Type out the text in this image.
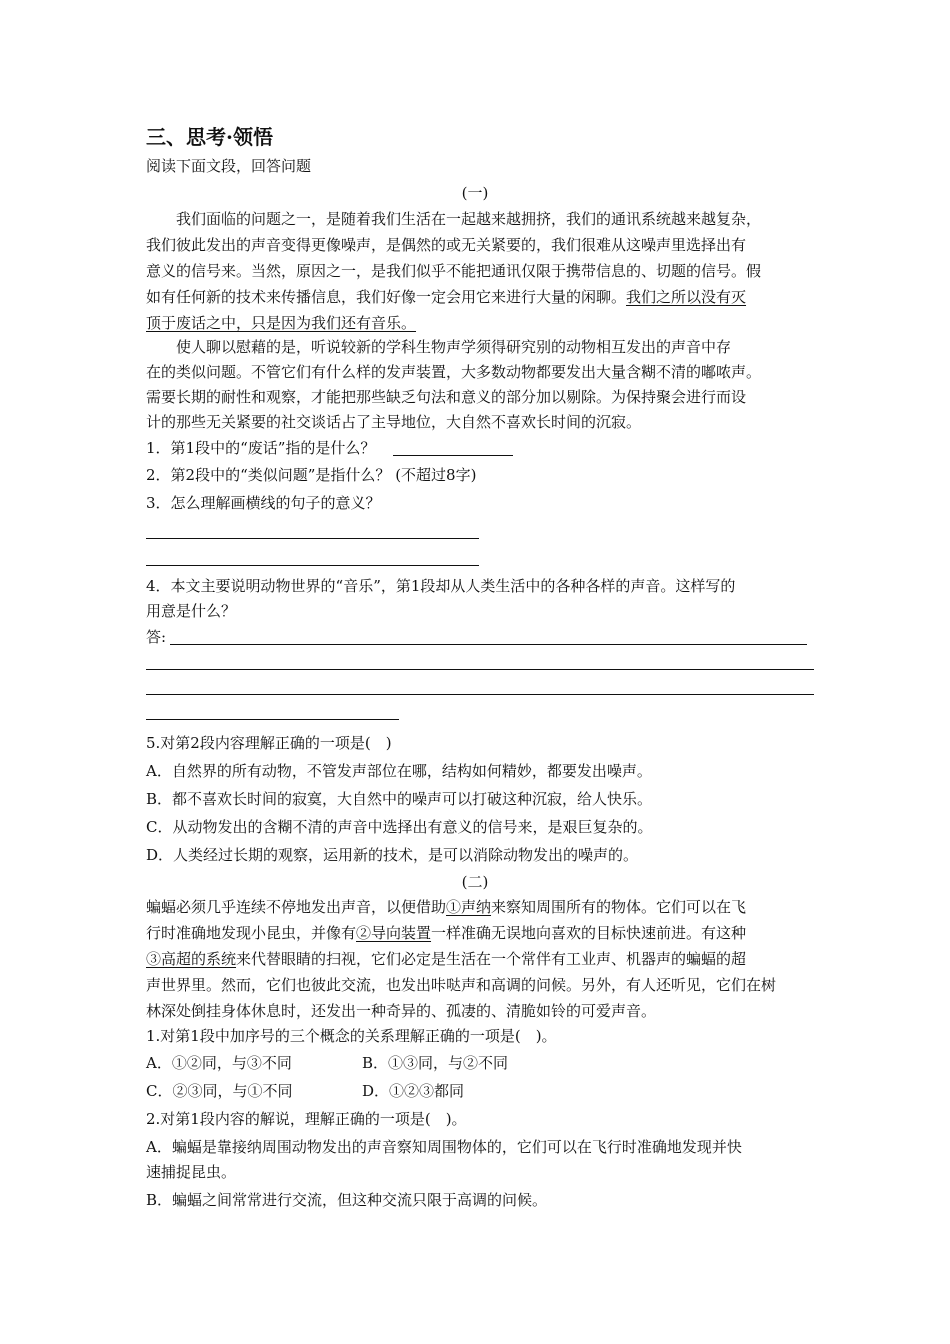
三、思考·领悟
阅读下面文段，回答问题
(一)
　　我们面临的问题之一，是随着我们生活在一起越来越拥挤，我们的通讯系统越来越复杂，
我们彼此发出的声音变得更像噪声，是偶然的或无关紧要的，我们很难从这噪声里选择出有
意义的信号来。当然，原因之一，是我们似乎不能把通讯仅限于携带信息的、切题的信号。假
如有任何新的技术来传播信息，我们好像一定会用它来进行大量的闲聊。我们之所以没有灭
顶于废话之中，只是因为我们还有音乐。
　　使人聊以慰藉的是，听说较新的学科生物声学须得研究别的动物相互发出的声音中存
在的类似问题。不管它们有什么样的发声装置，大多数动物都要发出大量含糊不清的嘟哝声。
需要长期的耐性和观察，才能把那些缺乏句法和意义的部分加以剔除。为保持聚会进行而设
计的那些无关紧要的社交谈话占了主导地位，大自然不喜欢长时间的沉寂。
1．第1段中的“废话”指的是什么？
2．第2段中的“类似问题”是指什么？ (不超过8字)
3．怎么理解画横线的句子的意义？
4．本文主要说明动物世界的“音乐”，第1段却从人类生活中的各种各样的声音。这样写的
用意是什么？
答:
5.对第2段内容理解正确的一项是(　)
A．自然界的所有动物，不管发声部位在哪，结构如何精妙，都要发出噪声。
B．都不喜欢长时间的寂寞，大自然中的噪声可以打破这种沉寂，给人快乐。
C．从动物发出的含糊不清的声音中选择出有意义的信号来，是艰巨复杂的。
D．人类经过长期的观察，运用新的技术，是可以消除动物发出的噪声的。
(二)
蝙蝠必须几乎连续不停地发出声音，以便借助①声纳来察知周围所有的物体。它们可以在飞
行时准确地发现小昆虫，并像有②导向装置一样准确无误地向喜欢的目标快速前进。有这种
③高超的系统来代替眼睛的扫视，它们必定是生活在一个常伴有工业声、机器声的蝙蝠的超
声世界里。然而，它们也彼此交流，也发出咔哒声和高调的问候。另外，有人还听见，它们在树
林深处倒挂身体休息时，还发出一种奇异的、孤凄的、清脆如铃的可爱声音。
1.对第1段中加序号的三个概念的关系理解正确的一项是(　)。
A．①②同，与③不同	B．①③同，与②不同
C．②③同，与①不同	D．①②③都同
2.对第1段内容的解说，理解正确的一项是(　)。
A．蝙蝠是靠接纳周围动物发出的声音察知周围物体的，它们可以在飞行时准确地发现并快
速捕捉昆虫。
B．蝙蝠之间常常进行交流，但这种交流只限于高调的问候。
